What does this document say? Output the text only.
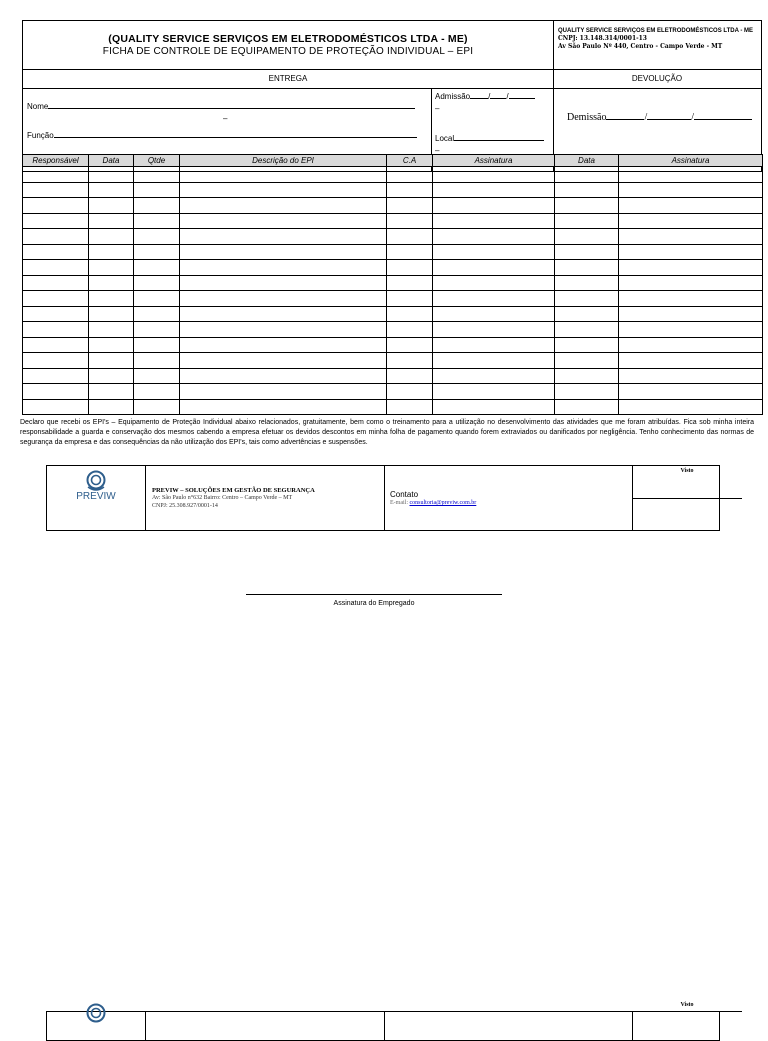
(QUALITY SERVICE SERVIÇOS EM ELETRODOMÉSTICOS LTDA - ME)
FICHA DE CONTROLE DE EQUIPAMENTO DE PROTEÇÃO INDIVIDUAL – EPI
QUALITY SERVICE SERVIÇOS EM ELETRODOMÉSTICOS LTDA - ME
CNPJ: 13.148.314/0001-13
Av São Paulo Nº 440, Centro - Campo Verde - MT
ENTREGA	DEVOLUÇÃO
Nome
–
Função
Admissão / /
–
Local
–
Demissão	/	/
Responsável	Data	Qtde	Descrição do EPI	C.A	Assinatura	Data	Assinatura

Declaro que recebi os EPI's – Equipamento de Proteção Individual abaixo relacionados, gratuitamente, bem como o treinamento para a utilização no desenvolvimento das atividades que me foram atribuídas. Fica sob minha inteira responsabilidade a guarda e conservação dos mesmos cabendo a empresa efetuar os devidos descontos em minha folha de pagamento quando forem extraviados ou danificados por negligência. Tenho conhecimento das normas de segurança da empresa e das consequências da não utilização dos EPI's, tais como advertências e suspensões.
PREVIW
PREVIW – SOLUÇÕES EM GESTÃO DE SEGURANÇA
Av: São Paulo n°632 Bairro: Centro – Campo Verde – MT
CNPJ: 25.308.927/0001-14
Contato
E-mail: consultoria@previw.com.br
Visto
Assinatura do Empregado
Visto
